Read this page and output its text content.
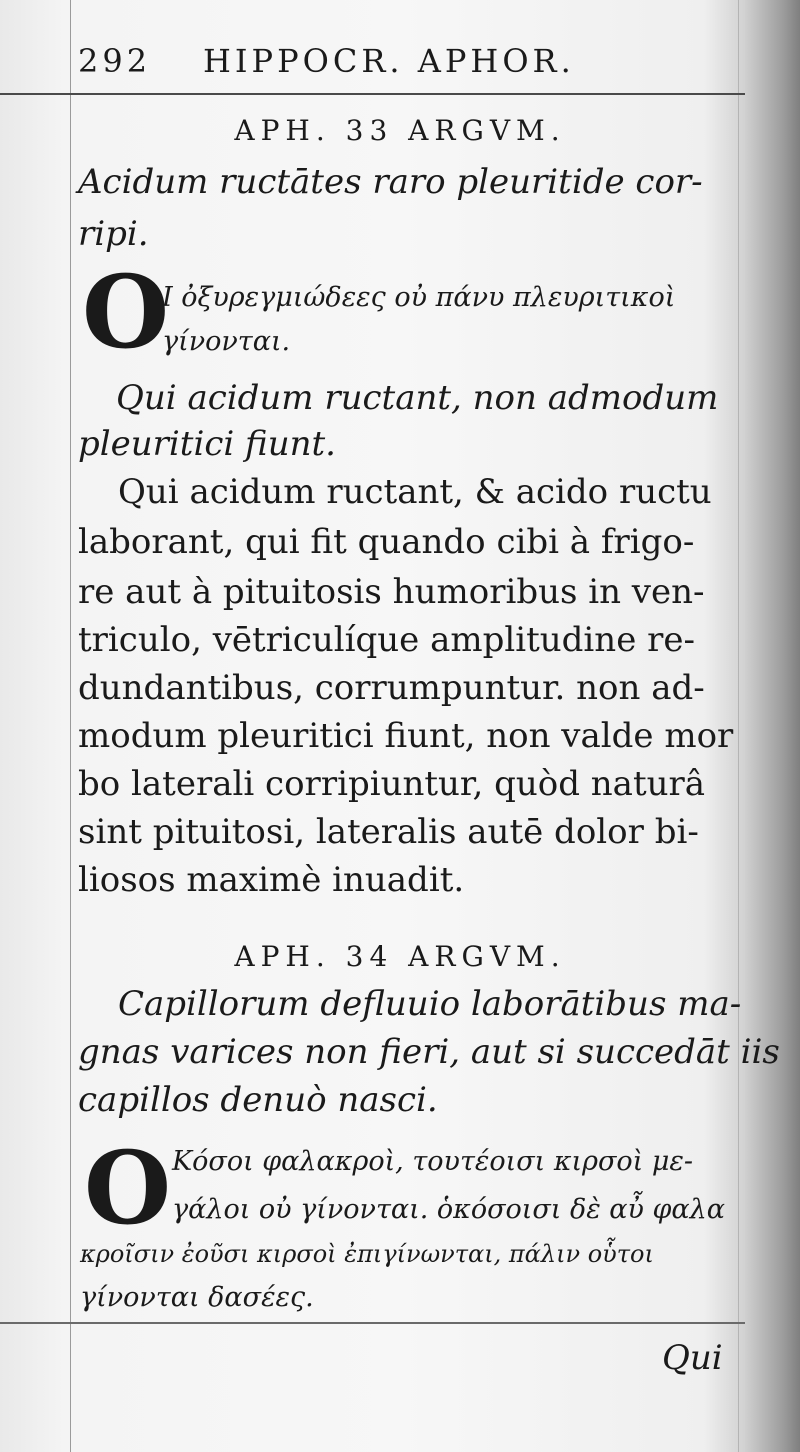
292 HIPPOCR. APHOR.
APH. 33 ARGVM.
Acidum ructātes raro pleuritide cor-
ripi.
O
Ι ὀξυρεγμιώδεες οὐ πάνυ πλευριτικοὶ
γίνονται.
Qui acidum ructant, non admodum
pleuritici fiunt.
Qui acidum ructant, & acido ructu
laborant, qui fit quando cibi à frigo-
re aut à pituitosis humoribus in ven-
triculo, vētriculíque amplitudine re-
dundantibus, corrumpuntur. non ad-
modum pleuritici fiunt, non valde mor
bo laterali corripiuntur, quòd naturâ
sint pituitosi, lateralis autē dolor bi-
liosos maximè inuadit.
APH. 34 ARGVM.
Capillorum defluuio laborātibus ma-
gnas varices non fieri, aut si succedāt iis
capillos denuò nasci.
O Κόσοι φαλακροὶ, τουτέοισι κιρσοὶ με-
γάλοι οὐ γίνονται. ὁκόσοισι δὲ αὖ φαλα
κροῖσιν ἐοῦσι κιρσοὶ ἐπιγίνωνται, πάλιν οὗτοι
γίνονται δασέες.
Qui
